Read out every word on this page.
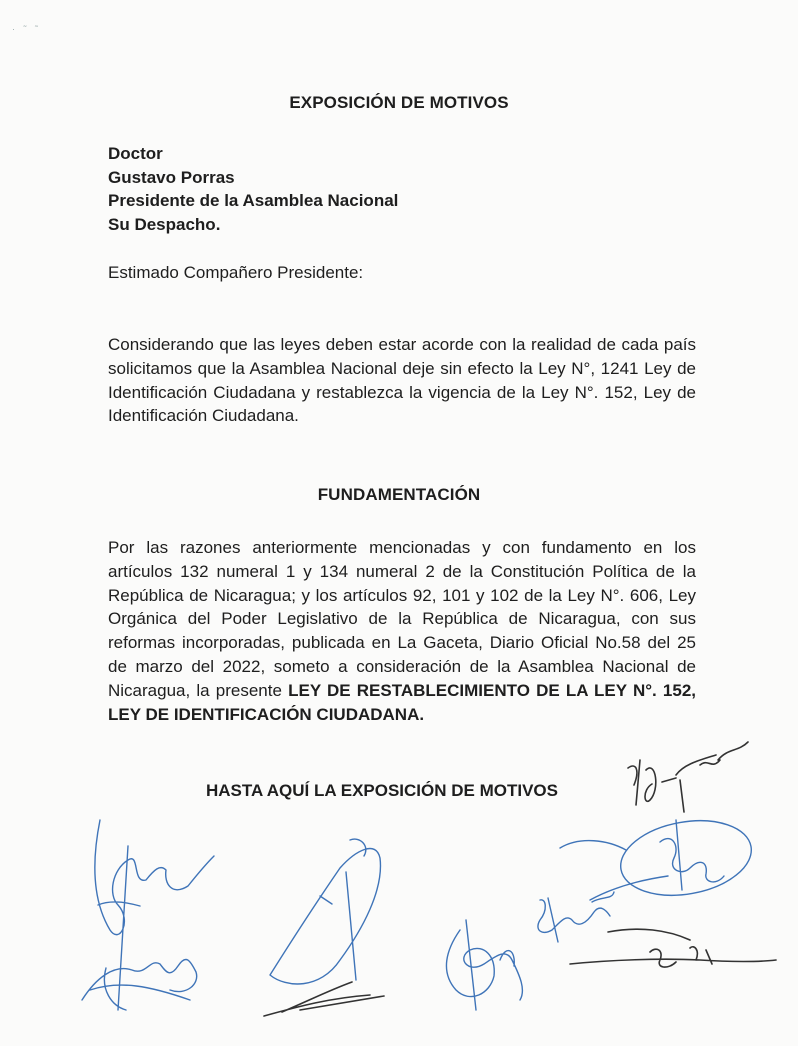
· ˜ ˜
EXPOSICIÓN DE MOTIVOS
Doctor
Gustavo Porras
Presidente de la Asamblea Nacional
Su Despacho.
Estimado Compañero Presidente:
Considerando que las leyes deben estar acorde con la realidad de cada país solicitamos que la Asamblea Nacional deje sin efecto la Ley N°, 1241 Ley de Identificación Ciudadana y restablezca la vigencia de la Ley N°. 152, Ley de Identificación Ciudadana.
FUNDAMENTACIÓN
Por las razones anteriormente mencionadas y con fundamento en los artículos 132 numeral 1 y 134 numeral 2 de la Constitución Política de la República de Nicaragua; y los artículos 92, 101 y 102 de la Ley N°. 606, Ley Orgánica del Poder Legislativo de la República de Nicaragua, con sus reformas incorporadas, publicada en La Gaceta, Diario Oficial No.58 del 25 de marzo del 2022, someto a consideración de la Asamblea Nacional de Nicaragua, la presente LEY DE RESTABLECIMIENTO DE LA LEY N°. 152, LEY DE IDENTIFICACIÓN CIUDADANA.
HASTA AQUÍ LA EXPOSICIÓN DE MOTIVOS
